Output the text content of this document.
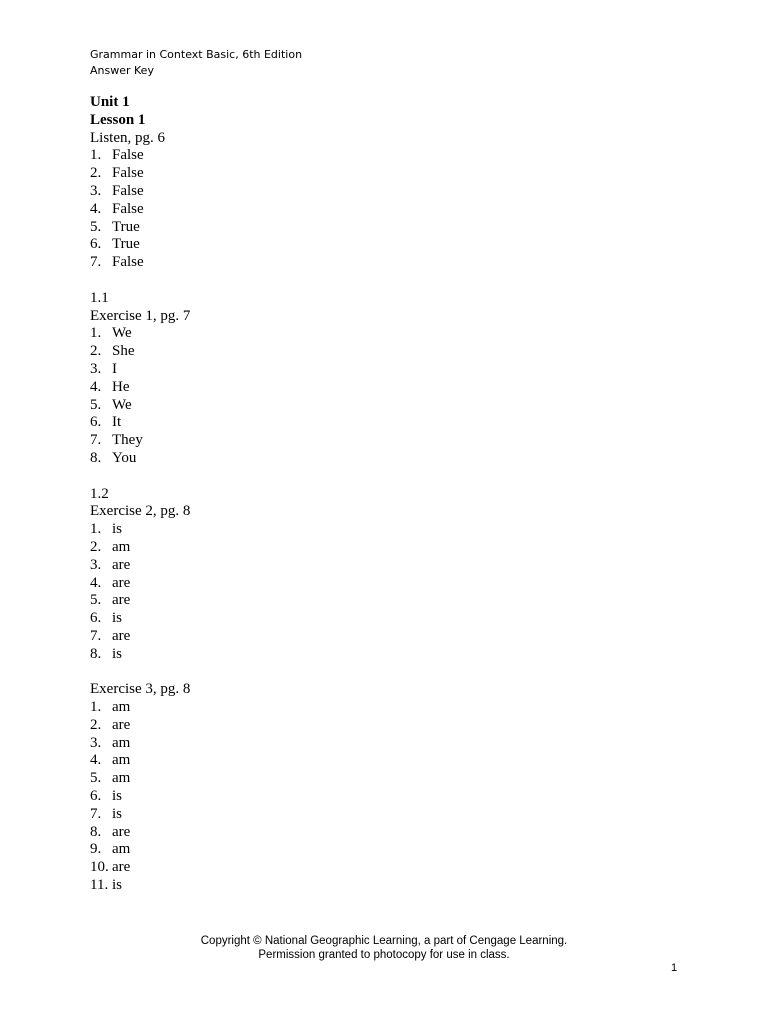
Grammar in Context Basic, 6th Edition
Answer Key
Unit 1
Lesson 1
Listen, pg. 6
1. False
2. False
3. False
4. False
5. True
6. True
7. False
1.1
Exercise 1, pg. 7
1. We
2. She
3. I
4. He
5. We
6. It
7. They
8. You
1.2
Exercise 2, pg. 8
1. is
2. am
3. are
4. are
5. are
6. is
7. are
8. is
Exercise 3, pg. 8
1. am
2. are
3. am
4. am
5. am
6. is
7. is
8. are
9. am
10. are
11. is
Copyright © National Geographic Learning, a part of Cengage Learning.
Permission granted to photocopy for use in class.
1
